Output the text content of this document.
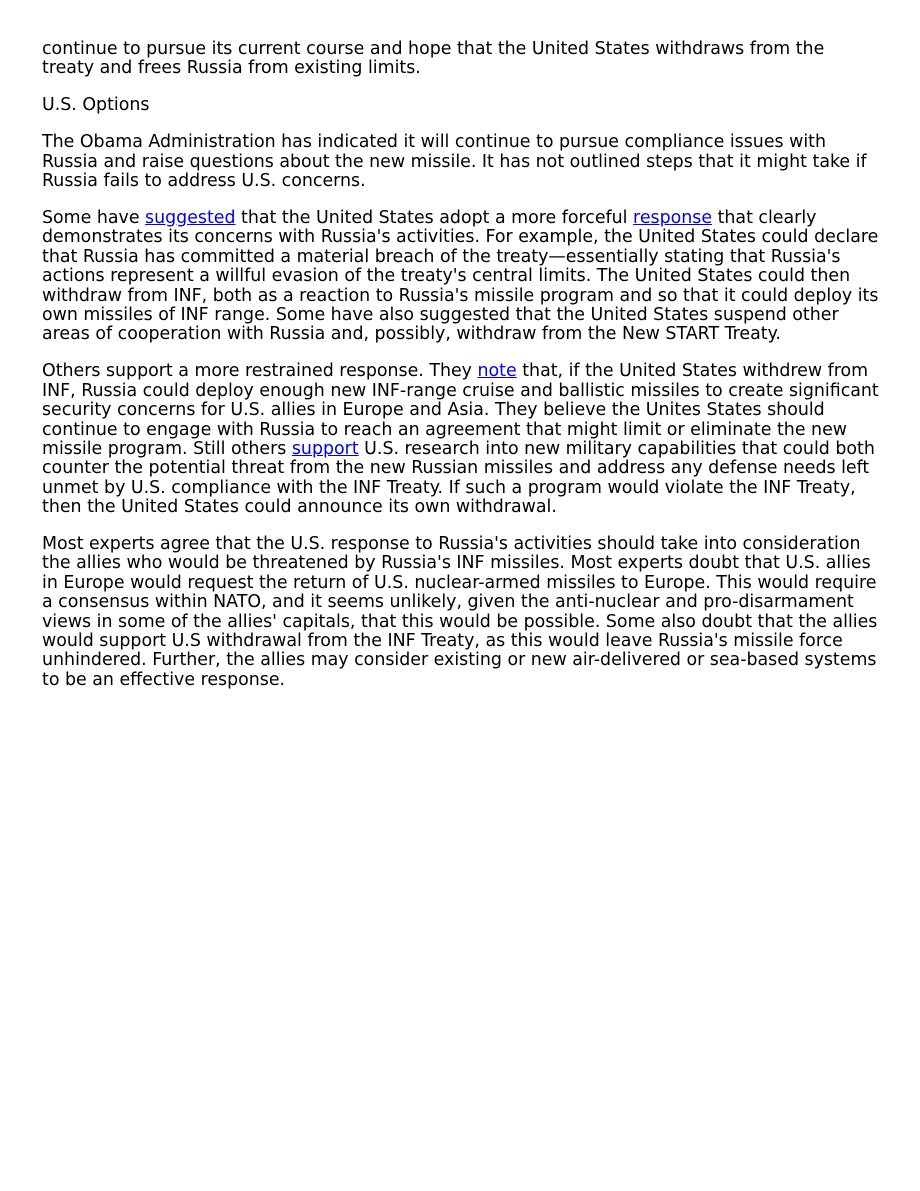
continue to pursue its current course and hope that the United States withdraws from the treaty and frees Russia from existing limits.

U.S. Options

The Obama Administration has indicated it will continue to pursue compliance issues with Russia and raise questions about the new missile. It has not outlined steps that it might take if Russia fails to address U.S. concerns.

Some have suggested that the United States adopt a more forceful response that clearly demonstrates its concerns with Russia's activities. For example, the United States could declare that Russia has committed a material breach of the treaty—essentially stating that Russia's actions represent a willful evasion of the treaty's central limits. The United States could then withdraw from INF, both as a reaction to Russia's missile program and so that it could deploy its own missiles of INF range. Some have also suggested that the United States suspend other areas of cooperation with Russia and, possibly, withdraw from the New START Treaty.

Others support a more restrained response. They note that, if the United States withdrew from INF, Russia could deploy enough new INF-range cruise and ballistic missiles to create significant security concerns for U.S. allies in Europe and Asia. They believe the Unites States should continue to engage with Russia to reach an agreement that might limit or eliminate the new missile program. Still others support U.S. research into new military capabilities that could both counter the potential threat from the new Russian missiles and address any defense needs left unmet by U.S. compliance with the INF Treaty. If such a program would violate the INF Treaty, then the United States could announce its own withdrawal.

Most experts agree that the U.S. response to Russia's activities should take into consideration the allies who would be threatened by Russia's INF missiles. Most experts doubt that U.S. allies in Europe would request the return of U.S. nuclear-armed missiles to Europe. This would require a consensus within NATO, and it seems unlikely, given the anti-nuclear and pro-disarmament views in some of the allies' capitals, that this would be possible. Some also doubt that the allies would support U.S withdrawal from the INF Treaty, as this would leave Russia's missile force unhindered. Further, the allies may consider existing or new air-delivered or sea-based systems to be an effective response.
